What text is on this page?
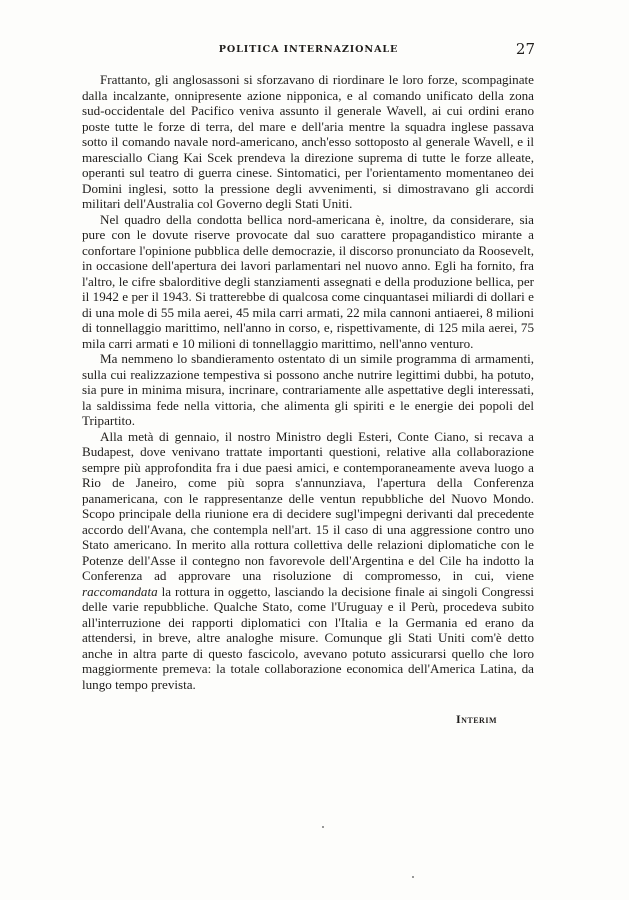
POLITICA INTERNAZIONALE	27

Frattanto, gli anglosassoni si sforzavano di riordinare le loro forze, scompaginate dalla incalzante, onnipresente azione nipponica, e al comando unificato della zona sud-occidentale del Pacifico veniva assunto il generale Wavell, ai cui ordini erano poste tutte le forze di terra, del mare e dell'aria mentre la squadra inglese passava sotto il comando navale nord-americano, anch'esso sottoposto al generale Wavell, e il maresciallo Ciang Kai Scek prendeva la direzione suprema di tutte le forze alleate, operanti sul teatro di guerra cinese. Sintomatici, per l'orientamento momentaneo dei Domini inglesi, sotto la pressione degli avvenimenti, si dimostravano gli accordi militari dell'Australia col Governo degli Stati Uniti.

Nel quadro della condotta bellica nord-americana è, inoltre, da considerare, sia pure con le dovute riserve provocate dal suo carattere propagandistico mirante a confortare l'opinione pubblica delle democrazie, il discorso pronunciato da Roosevelt, in occasione dell'apertura dei lavori parlamentari nel nuovo anno. Egli ha fornito, fra l'altro, le cifre sbalorditive degli stanziamenti assegnati e della produzione bellica, per il 1942 e per il 1943. Si tratterebbe di qualcosa come cinquantasei miliardi di dollari e di una mole di 55 mila aerei, 45 mila carri armati, 22 mila cannoni antiaerei, 8 milioni di tonnellaggio marittimo, nell'anno in corso, e, rispettivamente, di 125 mila aerei, 75 mila carri armati e 10 milioni di tonnellaggio marittimo, nell'anno venturo.

Ma nemmeno lo sbandieramento ostentato di un simile programma di armamenti, sulla cui realizzazione tempestiva si possono anche nutrire legittimi dubbi, ha potuto, sia pure in minima misura, incrinare, contrariamente alle aspettative degli interessati, la saldissima fede nella vittoria, che alimenta gli spiriti e le energie dei popoli del Tripartito.

Alla metà di gennaio, il nostro Ministro degli Esteri, Conte Ciano, si recava a Budapest, dove venivano trattate importanti questioni, relative alla collaborazione sempre più approfondita fra i due paesi amici, e contemporaneamente aveva luogo a Rio de Janeiro, come più sopra s'annunziava, l'apertura della Conferenza panamericana, con le rappresentanze delle ventun repubbliche del Nuovo Mondo. Scopo principale della riunione era di decidere sugl'impegni derivanti dal precedente accordo dell'Avana, che contempla nell'art. 15 il caso di una aggressione contro uno Stato americano. In merito alla rottura collettiva delle relazioni diplomatiche con le Potenze dell'Asse il contegno non favorevole dell'Argentina e del Cile ha indotto la Conferenza ad approvare una risoluzione di compromesso, in cui, viene raccomandata la rottura in oggetto, lasciando la decisione finale ai singoli Congressi delle varie repubbliche. Qualche Stato, come l'Uruguay e il Perù, procedeva subito all'interruzione dei rapporti diplomatici con l'Italia e la Germania ed erano da attendersi, in breve, altre analoghe misure. Comunque gli Stati Uniti com'è detto anche in altra parte di questo fascicolo, avevano potuto assicurarsi quello che loro maggiormente premeva: la totale collaborazione economica dell'America Latina, da lungo tempo prevista.

Interim
